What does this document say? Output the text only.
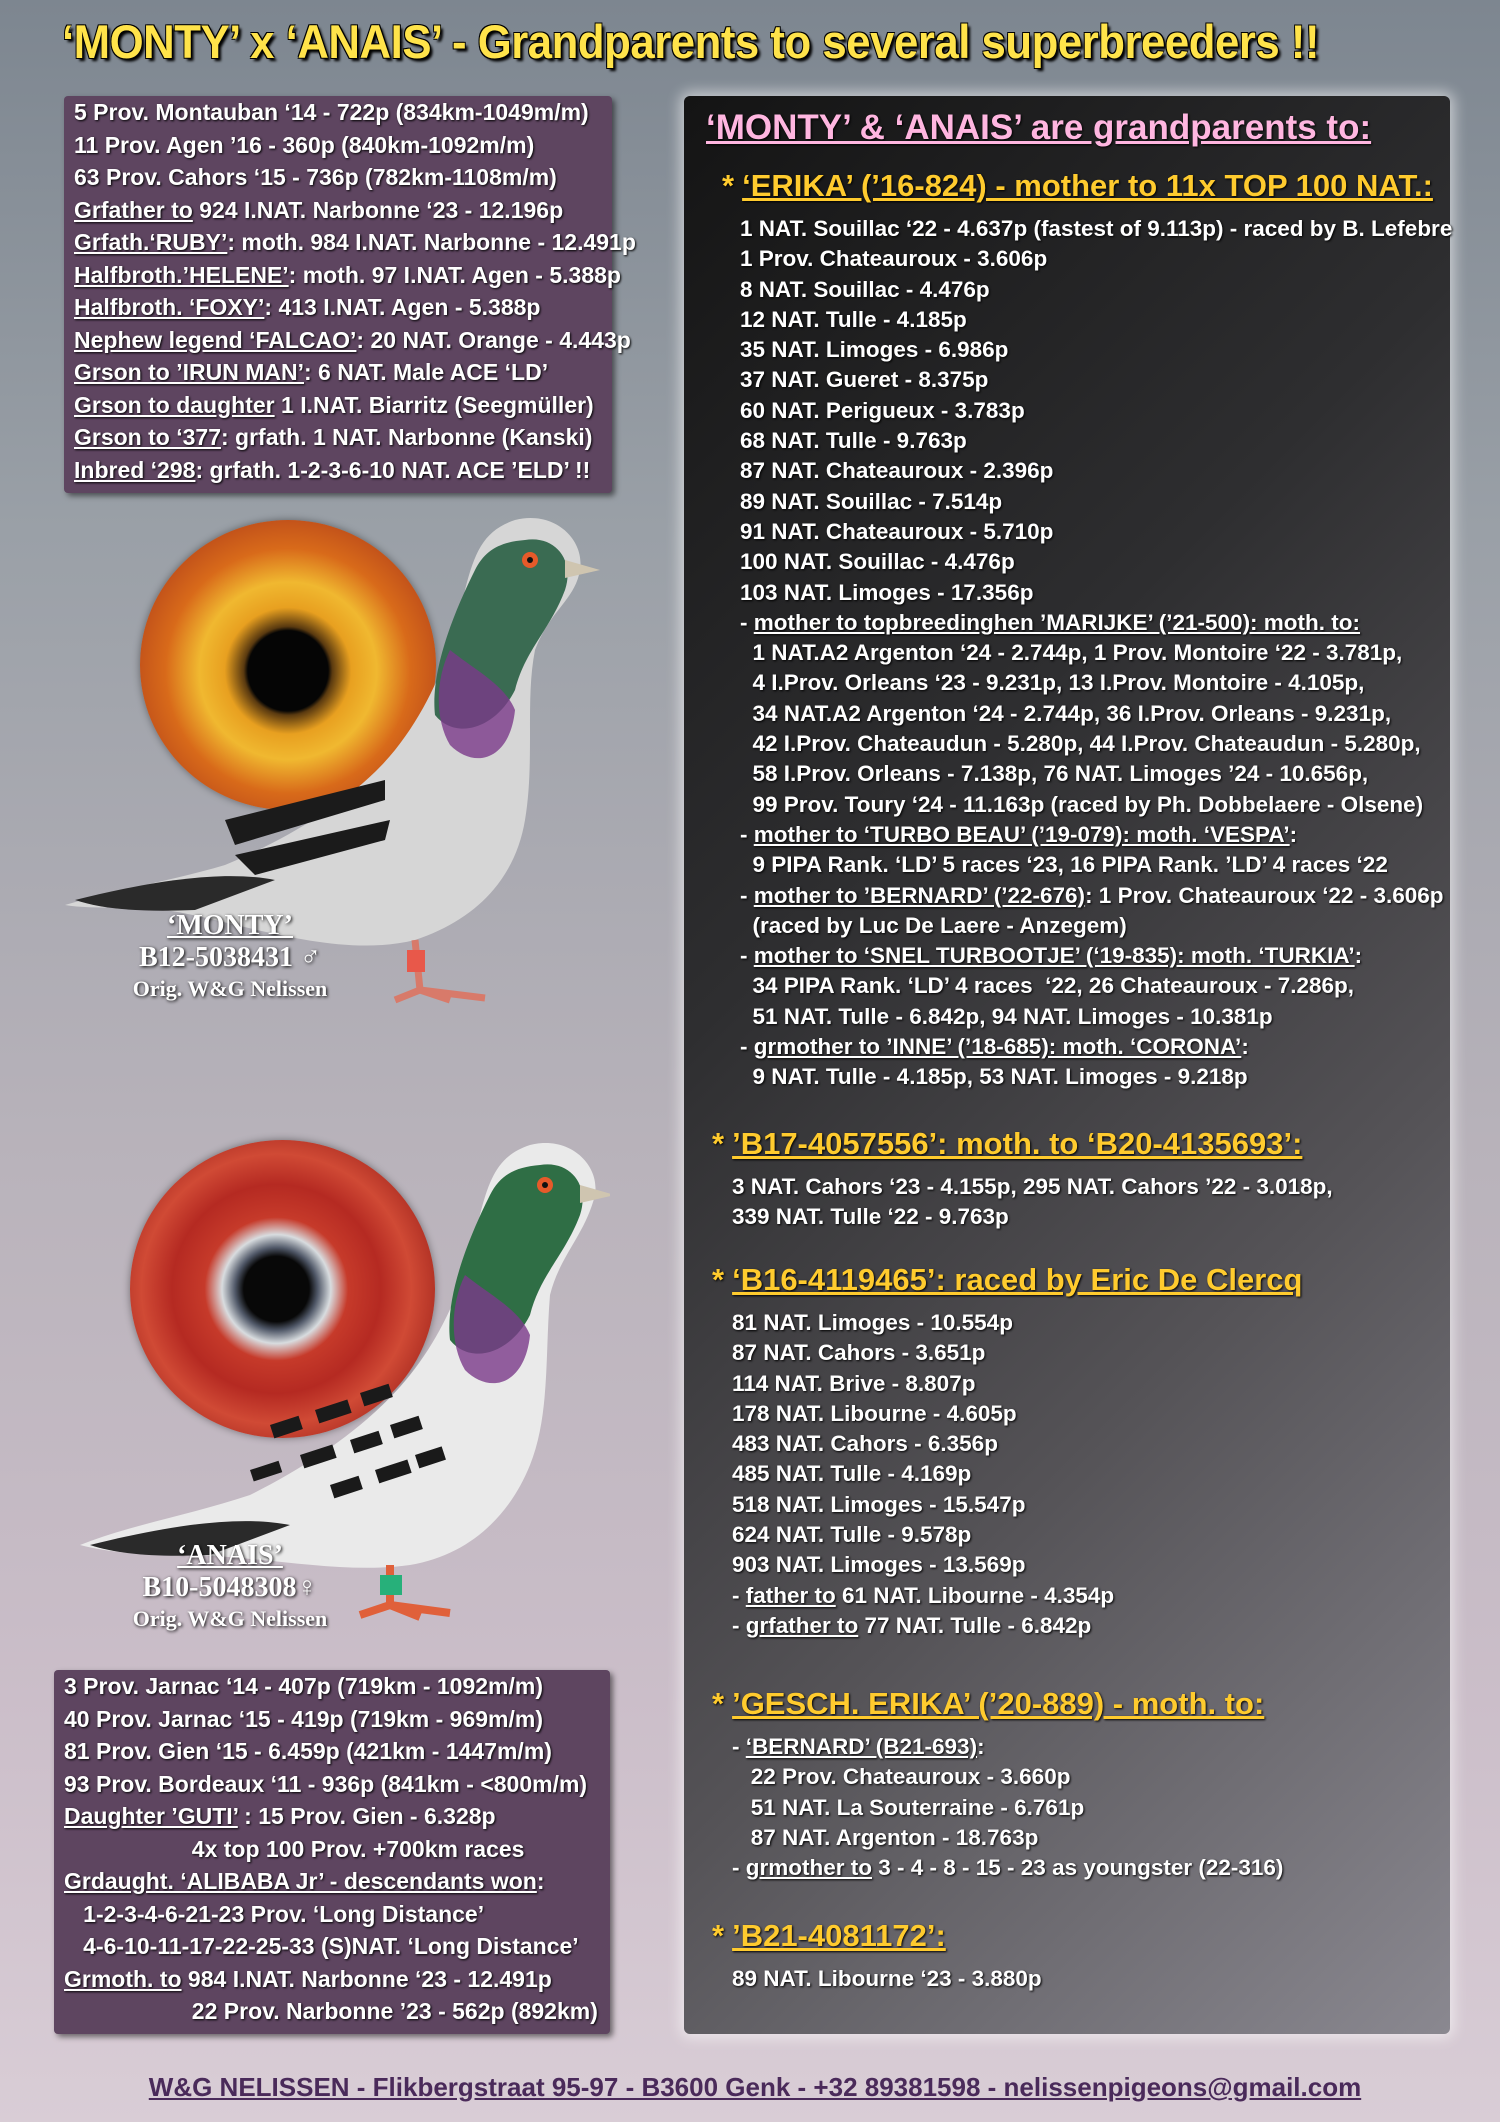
‘MONTY’ x ‘ANAIS’ - Grandparents to several superbreeders !!
5 Prov. Montauban ‘14 - 722p (834km-1049m/m)
11 Prov. Agen ’16 - 360p (840km-1092m/m)
63 Prov. Cahors ‘15 - 736p (782km-1108m/m)
Grfather to 924 I.NAT. Narbonne ‘23 - 12.196p
Grfath.‘RUBY’: moth. 984 I.NAT. Narbonne - 12.491p
Halfbroth.’HELENE’: moth. 97 I.NAT. Agen - 5.388p
Halfbroth. ‘FOXY’: 413 I.NAT. Agen - 5.388p
Nephew legend ‘FALCAO’: 20 NAT. Orange - 4.443p
Grson to ’IRUN MAN’: 6 NAT. Male ACE ‘LD’
Grson to daughter 1 I.NAT. Biarritz (Seegmüller)
Grson to ‘377: grfath. 1 NAT. Narbonne (Kanski)
Inbred ‘298: grfath. 1-2-3-6-10 NAT. ACE ’ELD’ !!
‘MONTY’
B12-5038431 ♂
Orig. W&G Nelissen
‘ANAIS’
B10-5048308♀
Orig. W&G Nelissen
3 Prov. Jarnac ‘14 - 407p (719km - 1092m/m)
40 Prov. Jarnac ‘15 - 419p (719km - 969m/m)
81 Prov. Gien ‘15 - 6.459p (421km - 1447m/m)
93 Prov. Bordeaux ‘11 - 936p (841km - <800m/m)
Daughter ’GUTI’ : 15 Prov. Gien - 6.328p
4x top 100 Prov. +700km races
Grdaught. ‘ALIBABA Jr’ - descendants won:
1-2-3-4-6-21-23 Prov. ‘Long Distance’
4-6-10-11-17-22-25-33 (S)NAT. ‘Long Distance’
Grmoth. to 984 I.NAT. Narbonne ‘23 - 12.491p
22 Prov. Narbonne ’23 - 562p (892km)
‘MONTY’ & ‘ANAIS’ are grandparents to:
* ‘ERIKA’ (’16-824) - mother to 11x TOP 100 NAT.:
1 NAT. Souillac ‘22 - 4.637p (fastest of 9.113p) - raced by B. Lefebre
1 Prov. Chateauroux - 3.606p
8 NAT. Souillac - 4.476p
12 NAT. Tulle - 4.185p
35 NAT. Limoges - 6.986p
37 NAT. Gueret - 8.375p
60 NAT. Perigueux - 3.783p
68 NAT. Tulle - 9.763p
87 NAT. Chateauroux - 2.396p
89 NAT. Souillac - 7.514p
91 NAT. Chateauroux - 5.710p
100 NAT. Souillac - 4.476p
103 NAT. Limoges - 17.356p
- mother to topbreedinghen ’MARIJKE’ (’21-500): moth. to:
1 NAT.A2 Argenton ‘24 - 2.744p, 1 Prov. Montoire ‘22 - 3.781p,
4 I.Prov. Orleans ‘23 - 9.231p, 13 I.Prov. Montoire - 4.105p,
34 NAT.A2 Argenton ‘24 - 2.744p, 36 I.Prov. Orleans - 9.231p,
42 I.Prov. Chateaudun - 5.280p, 44 I.Prov. Chateaudun - 5.280p,
58 I.Prov. Orleans - 7.138p, 76 NAT. Limoges ’24 - 10.656p,
99 Prov. Toury ‘24 - 11.163p (raced by Ph. Dobbelaere - Olsene)
- mother to ‘TURBO BEAU’ (’19-079): moth. ‘VESPA’:
9 PIPA Rank. ‘LD’ 5 races ‘23, 16 PIPA Rank. ’LD’ 4 races ‘22
- mother to ’BERNARD’ (’22-676): 1 Prov. Chateauroux ‘22 - 3.606p
(raced by Luc De Laere - Anzegem)
- mother to ‘SNEL TURBOOTJE’ (‘19-835): moth. ‘TURKIA’:
34 PIPA Rank. ‘LD’ 4 races  ‘22, 26 Chateauroux - 7.286p,
51 NAT. Tulle - 6.842p, 94 NAT. Limoges - 10.381p
- grmother to ’INNE’ (’18-685): moth. ‘CORONA’:
9 NAT. Tulle - 4.185p, 53 NAT. Limoges - 9.218p
* ’B17-4057556’: moth. to ‘B20-4135693’:
3 NAT. Cahors ‘23 - 4.155p, 295 NAT. Cahors ’22 - 3.018p,
339 NAT. Tulle ‘22 - 9.763p
* ‘B16-4119465’: raced by Eric De Clercq
81 NAT. Limoges - 10.554p
87 NAT. Cahors - 3.651p
114 NAT. Brive - 8.807p
178 NAT. Libourne - 4.605p
483 NAT. Cahors - 6.356p
485 NAT. Tulle - 4.169p
518 NAT. Limoges - 15.547p
624 NAT. Tulle - 9.578p
903 NAT. Limoges - 13.569p
- father to 61 NAT. Libourne - 4.354p
- grfather to 77 NAT. Tulle - 6.842p
* ’GESCH. ERIKA’ (’20-889) - moth. to:
- ‘BERNARD’ (B21-693):
22 Prov. Chateauroux - 3.660p
51 NAT. La Souterraine - 6.761p
87 NAT. Argenton - 18.763p
- grmother to 3 - 4 - 8 - 15 - 23 as youngster (22-316)
* ’B21-4081172’:
89 NAT. Libourne ‘23 - 3.880p
W&G NELISSEN - Flikbergstraat 95-97 - B3600 Genk - +32 89381598 - nelissenpigeons@gmail.com
